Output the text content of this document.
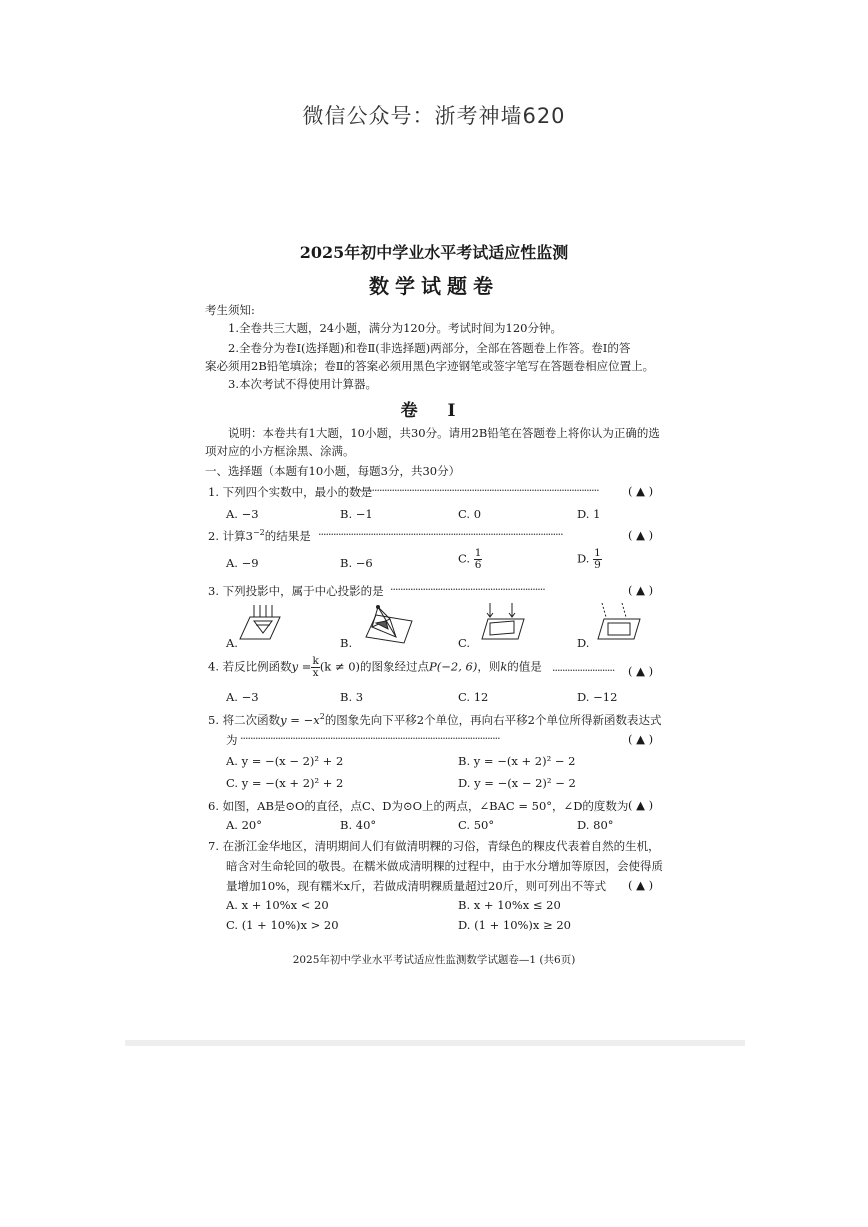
微信公众号：浙考神墙620
2025年初中学业水平考试适应性监测
数学试题卷
考生须知:
1.全卷共三大题，24小题，满分为120分。考试时间为120分钟。
2.全卷分为卷Ⅰ(选择题)和卷Ⅱ(非选择题)两部分，全部在答题卷上作答。卷Ⅰ的答
案必须用2B铅笔填涂；卷Ⅱ的答案必须用黑色字迹钢笔或签字笔写在答题卷相应位置上。
3.本次考试不得使用计算器。
卷 Ⅰ
说明：本卷共有1大题，10小题，共30分。请用2B铅笔在答题卷上将你认为正确的选
项对应的小方框涂黑、涂满。
一、选择题（本题有10小题，每题3分，共30分）
1. 下列四个实数中，最小的数是
··································································································	( ▲ )
A. −3	B. −1	C. 0	D. 1
2. 计算$3^{-2}$的结果是 ··································································································	( ▲ )
A. −9	B. −6	C. $\frac{1}{6}$	D. $\frac{1}{9}$
3. 下列投影中，属于中心投影的是 ······························································	( ▲ )
A.	B.	C.	D.
4. 若反比例函数$y = \frac{k}{x} (k \ne 0)$的图象经过点P(−2, 6)，则k的值是 ·························	( ▲ )
A. −3	B. 3	C. 12	D. −12
5. 将二次函数$y = -x^2$的图象先向下平移2个单位，再向右平移2个单位所得新函数表达式
为 ········································································································	( ▲ )
A. y = −(x − 2)² + 2	B. y = −(x + 2)² − 2
C. y = −(x + 2)² + 2	D. y = −(x − 2)² − 2
6. 如图，AB是⊙O的直径，点C、D为⊙O上的两点，∠BAC = 50°，∠D的度数为 ( ▲ )
A. 20°	B. 40°	C. 50°	D. 80°
7. 在浙江金华地区，清明期间人们有做清明粿的习俗，青绿色的粿皮代表着自然的生机，
暗含对生命轮回的敬畏。在糯米做成清明粿的过程中，由于水分增加等原因，会使得质
量增加10%，现有糯米x斤，若做成清明粿质量超过20斤，则可列出不等式 ( ▲ )
A. x + 10%x < 20	B. x + 10%x ≤ 20
C. (1 + 10%)x > 20	D. (1 + 10%)x ≥ 20
2025年初中学业水平考试适应性监测数学试题卷—1 (共6页)
